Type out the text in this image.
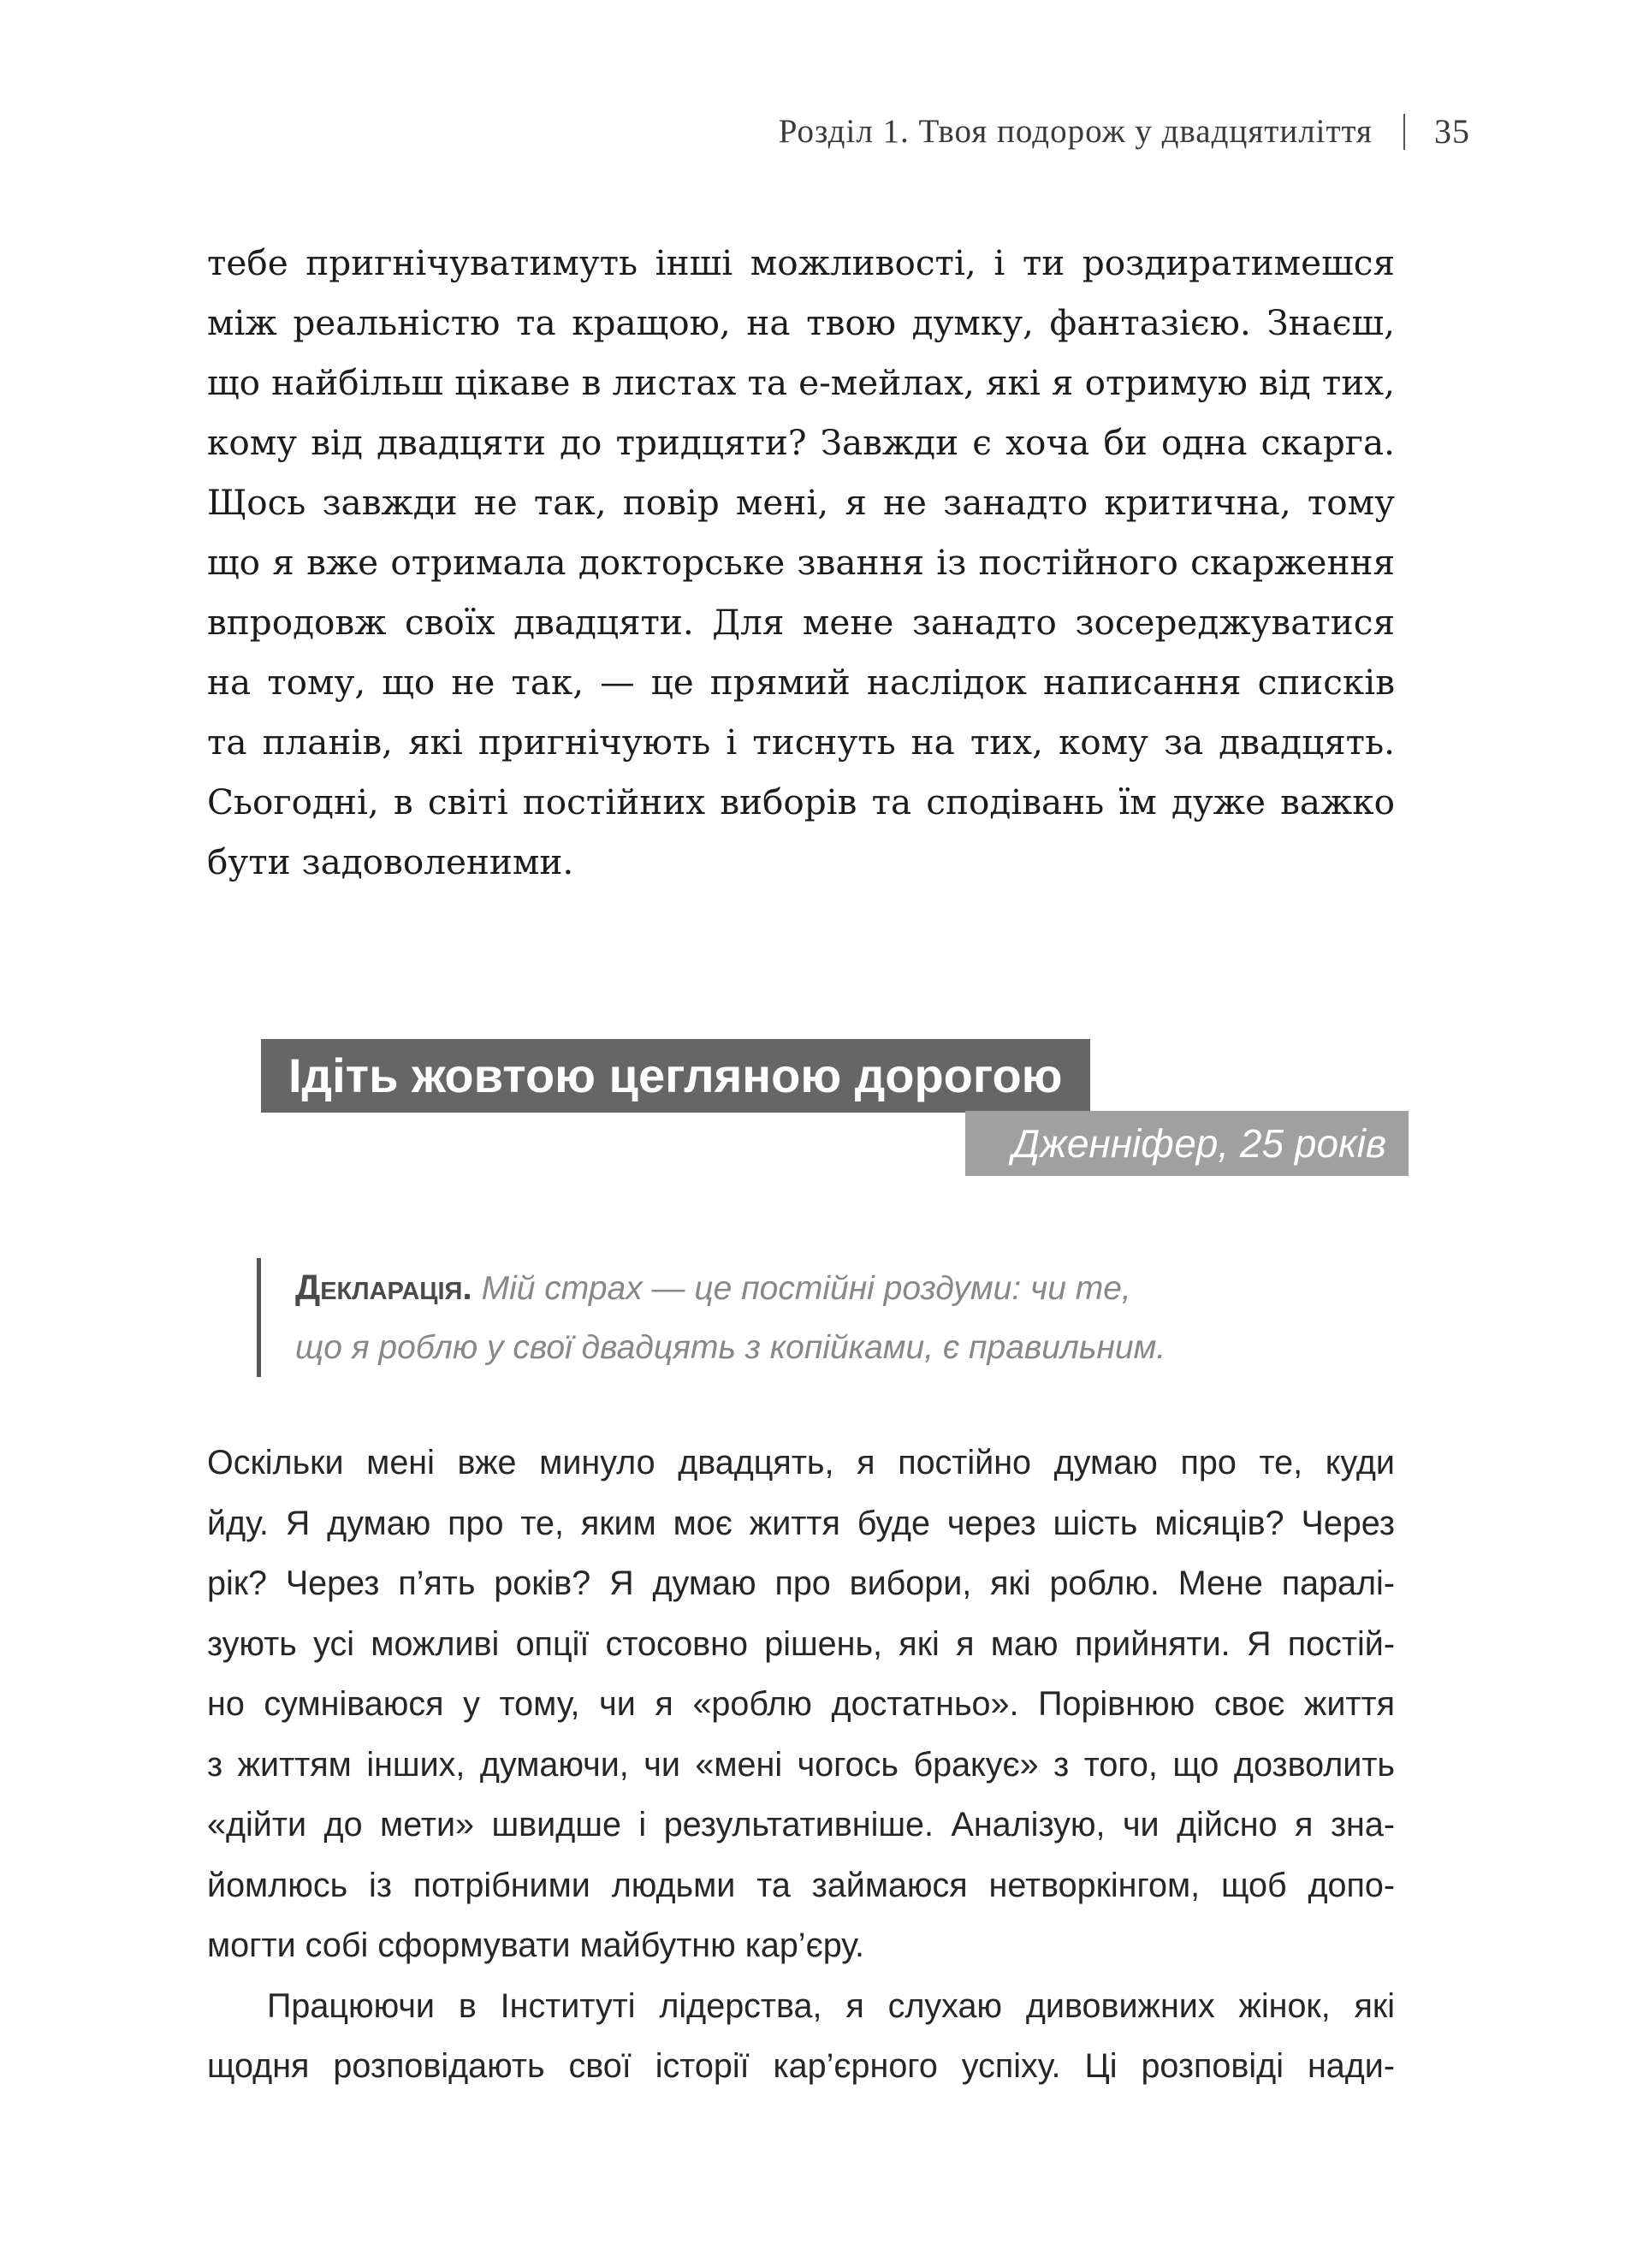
Розділ 1. Твоя подорож у двадцятиліття 35
тебе пригнічуватимуть інші можливості, і ти роздиратимешся
між реальністю та кращою, на твою думку, фантазією. Знаєш,
що найбільш цікаве в листах та е-мейлах, які я отримую від тих,
кому від двадцяти до тридцяти? Завжди є хоча би одна скарга.
Щось завжди не так, повір мені, я не занадто критична, тому
що я вже отримала докторське звання із постійного скарження
впродовж своїх двадцяти. Для мене занадто зосереджуватися
на тому, що не так, — це прямий наслідок написання списків
та планів, які пригнічують і тиснуть на тих, кому за двадцять.
Сьогодні, в світі постійних виборів та сподівань їм дуже важко
бути задоволеними.
Ідіть жовтою цегляною дорогою
Дженніфер, 25 років
Декларація. Мій страх — це постійні роздуми: чи те,
що я роблю у свої двадцять з копійками, є правильним.
Оскільки мені вже минуло двадцять, я постійно думаю про те, куди
йду. Я думаю про те, яким моє життя буде через шість місяців? Через
рік? Через п’ять років? Я думаю про вибори, які роблю. Мене паралі-
зують усі можливі опції стосовно рішень, які я маю прийняти. Я постій-
но сумніваюся у тому, чи я «роблю достатньо». Порівнюю своє життя
з життям інших, думаючи, чи «мені чогось бракує» з того, що дозволить
«дійти до мети» швидше і результативніше. Аналізую, чи дійсно я зна-
йомлюсь із потрібними людьми та займаюся нетворкінгом, щоб допо-
могти собі сформувати майбутню кар’єру.
Працюючи в Інституті лідерства, я слухаю дивовижних жінок, які
щодня розповідають свої історії кар’єрного успіху. Ці розповіді нади-
